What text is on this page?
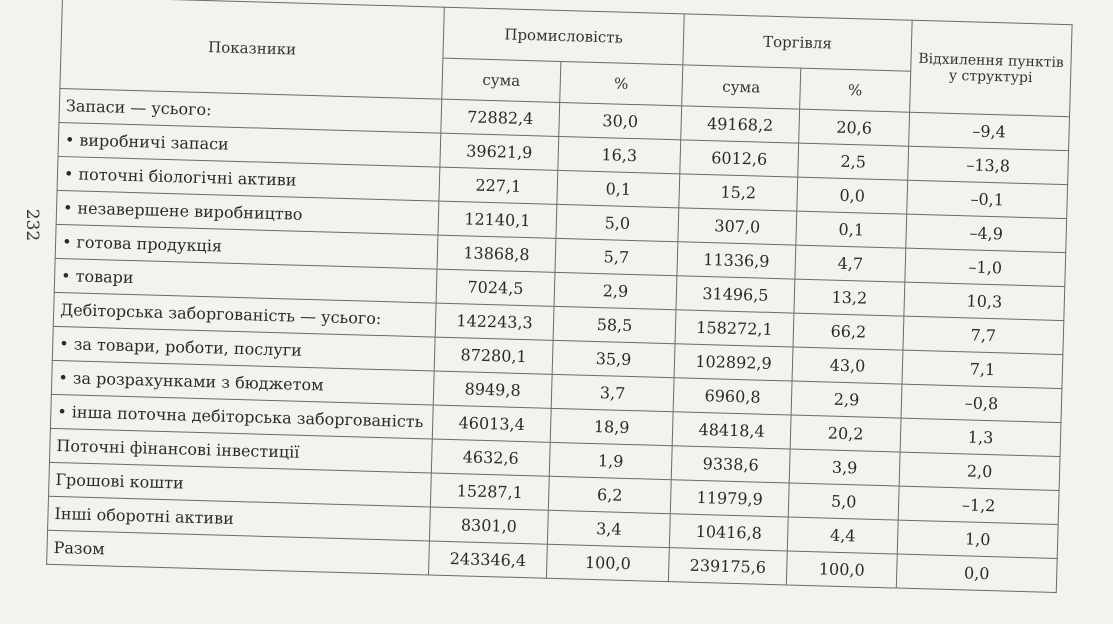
232
Показники	Промисловість		Торгівля		Відхилення пунктів у структурі
	сума	%	сума	%	
Запаси — усього:	72882,4	30,0	49168,2	20,6	–9,4
• виробничі запаси	39621,9	16,3	6012,6	2,5	–13,8
• поточні біологічні активи	227,1	0,1	15,2	0,0	–0,1
• незавершене виробництво	12140,1	5,0	307,0	0,1	–4,9
• готова продукція	13868,8	5,7	11336,9	4,7	–1,0
• товари	7024,5	2,9	31496,5	13,2	10,3
Дебіторська заборгованість — усього:	142243,3	58,5	158272,1	66,2	7,7
• за товари, роботи, послуги	87280,1	35,9	102892,9	43,0	7,1
• за розрахунками з бюджетом	8949,8	3,7	6960,8	2,9	–0,8
• інша поточна дебіторська заборгованість	46013,4	18,9	48418,4	20,2	1,3
Поточні фінансові інвестиції	4632,6	1,9	9338,6	3,9	2,0
Грошові кошти	15287,1	6,2	11979,9	5,0	–1,2
Інші оборотні активи	8301,0	3,4	10416,8	4,4	1,0
Разом	243346,4	100,0	239175,6	100,0	0,0
